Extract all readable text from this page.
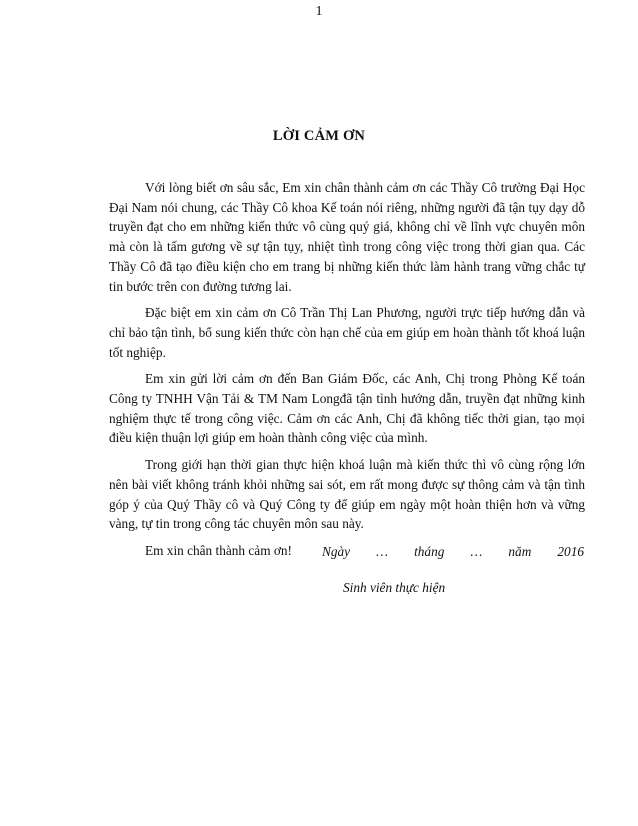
1
LỜI CẢM ƠN

Với lòng biết ơn sâu sắc, Em xin chân thành cảm ơn các Thầy Cô trường Đại Học Đại Nam nói chung, các Thầy Cô khoa Kế toán nói riêng, những người đã tận tụy dạy dỗ truyền đạt cho em những kiến thức vô cùng quý giá, không chỉ về lĩnh vực chuyên môn mà còn là tấm gương về sự tận tụy, nhiệt tình trong công việc trong thời gian qua. Các Thầy Cô đã tạo điều kiện cho em trang bị những kiến thức làm hành trang vững chắc tự tin bước trên con đường tương lai.

Đặc biệt em xin cảm ơn Cô Trần Thị Lan Phương, người trực tiếp hướng dẫn và chỉ bảo tận tình, bổ sung kiến thức còn hạn chế của em giúp em hoàn thành tốt khoá luận tốt nghiệp.

Em xin gửi lời cảm ơn đến Ban Giám Đốc, các Anh, Chị trong Phòng Kế toán Công ty TNHH Vận Tải & TM Nam Longđã tận tình hướng dẫn, truyền đạt những kinh nghiệm thực tế trong công việc. Cảm ơn các Anh, Chị đã không tiếc thời gian, tạo mọi điều kiện thuận lợi giúp em hoàn thành công việc của mình.

Trong giới hạn thời gian thực hiện khoá luận mà kiến thức thì vô cùng rộng lớn nên bài viết không tránh khỏi những sai sót, em rất mong được sự thông cảm và tận tình góp ý của Quý Thầy cô và Quý Công ty để giúp em ngày một hoàn thiện hơn và vững vàng, tự tin trong công tác chuyên môn sau này.

Em xin chân thành cảm ơn!	Ngày … tháng … năm 2016
Sinh viên thực hiện
